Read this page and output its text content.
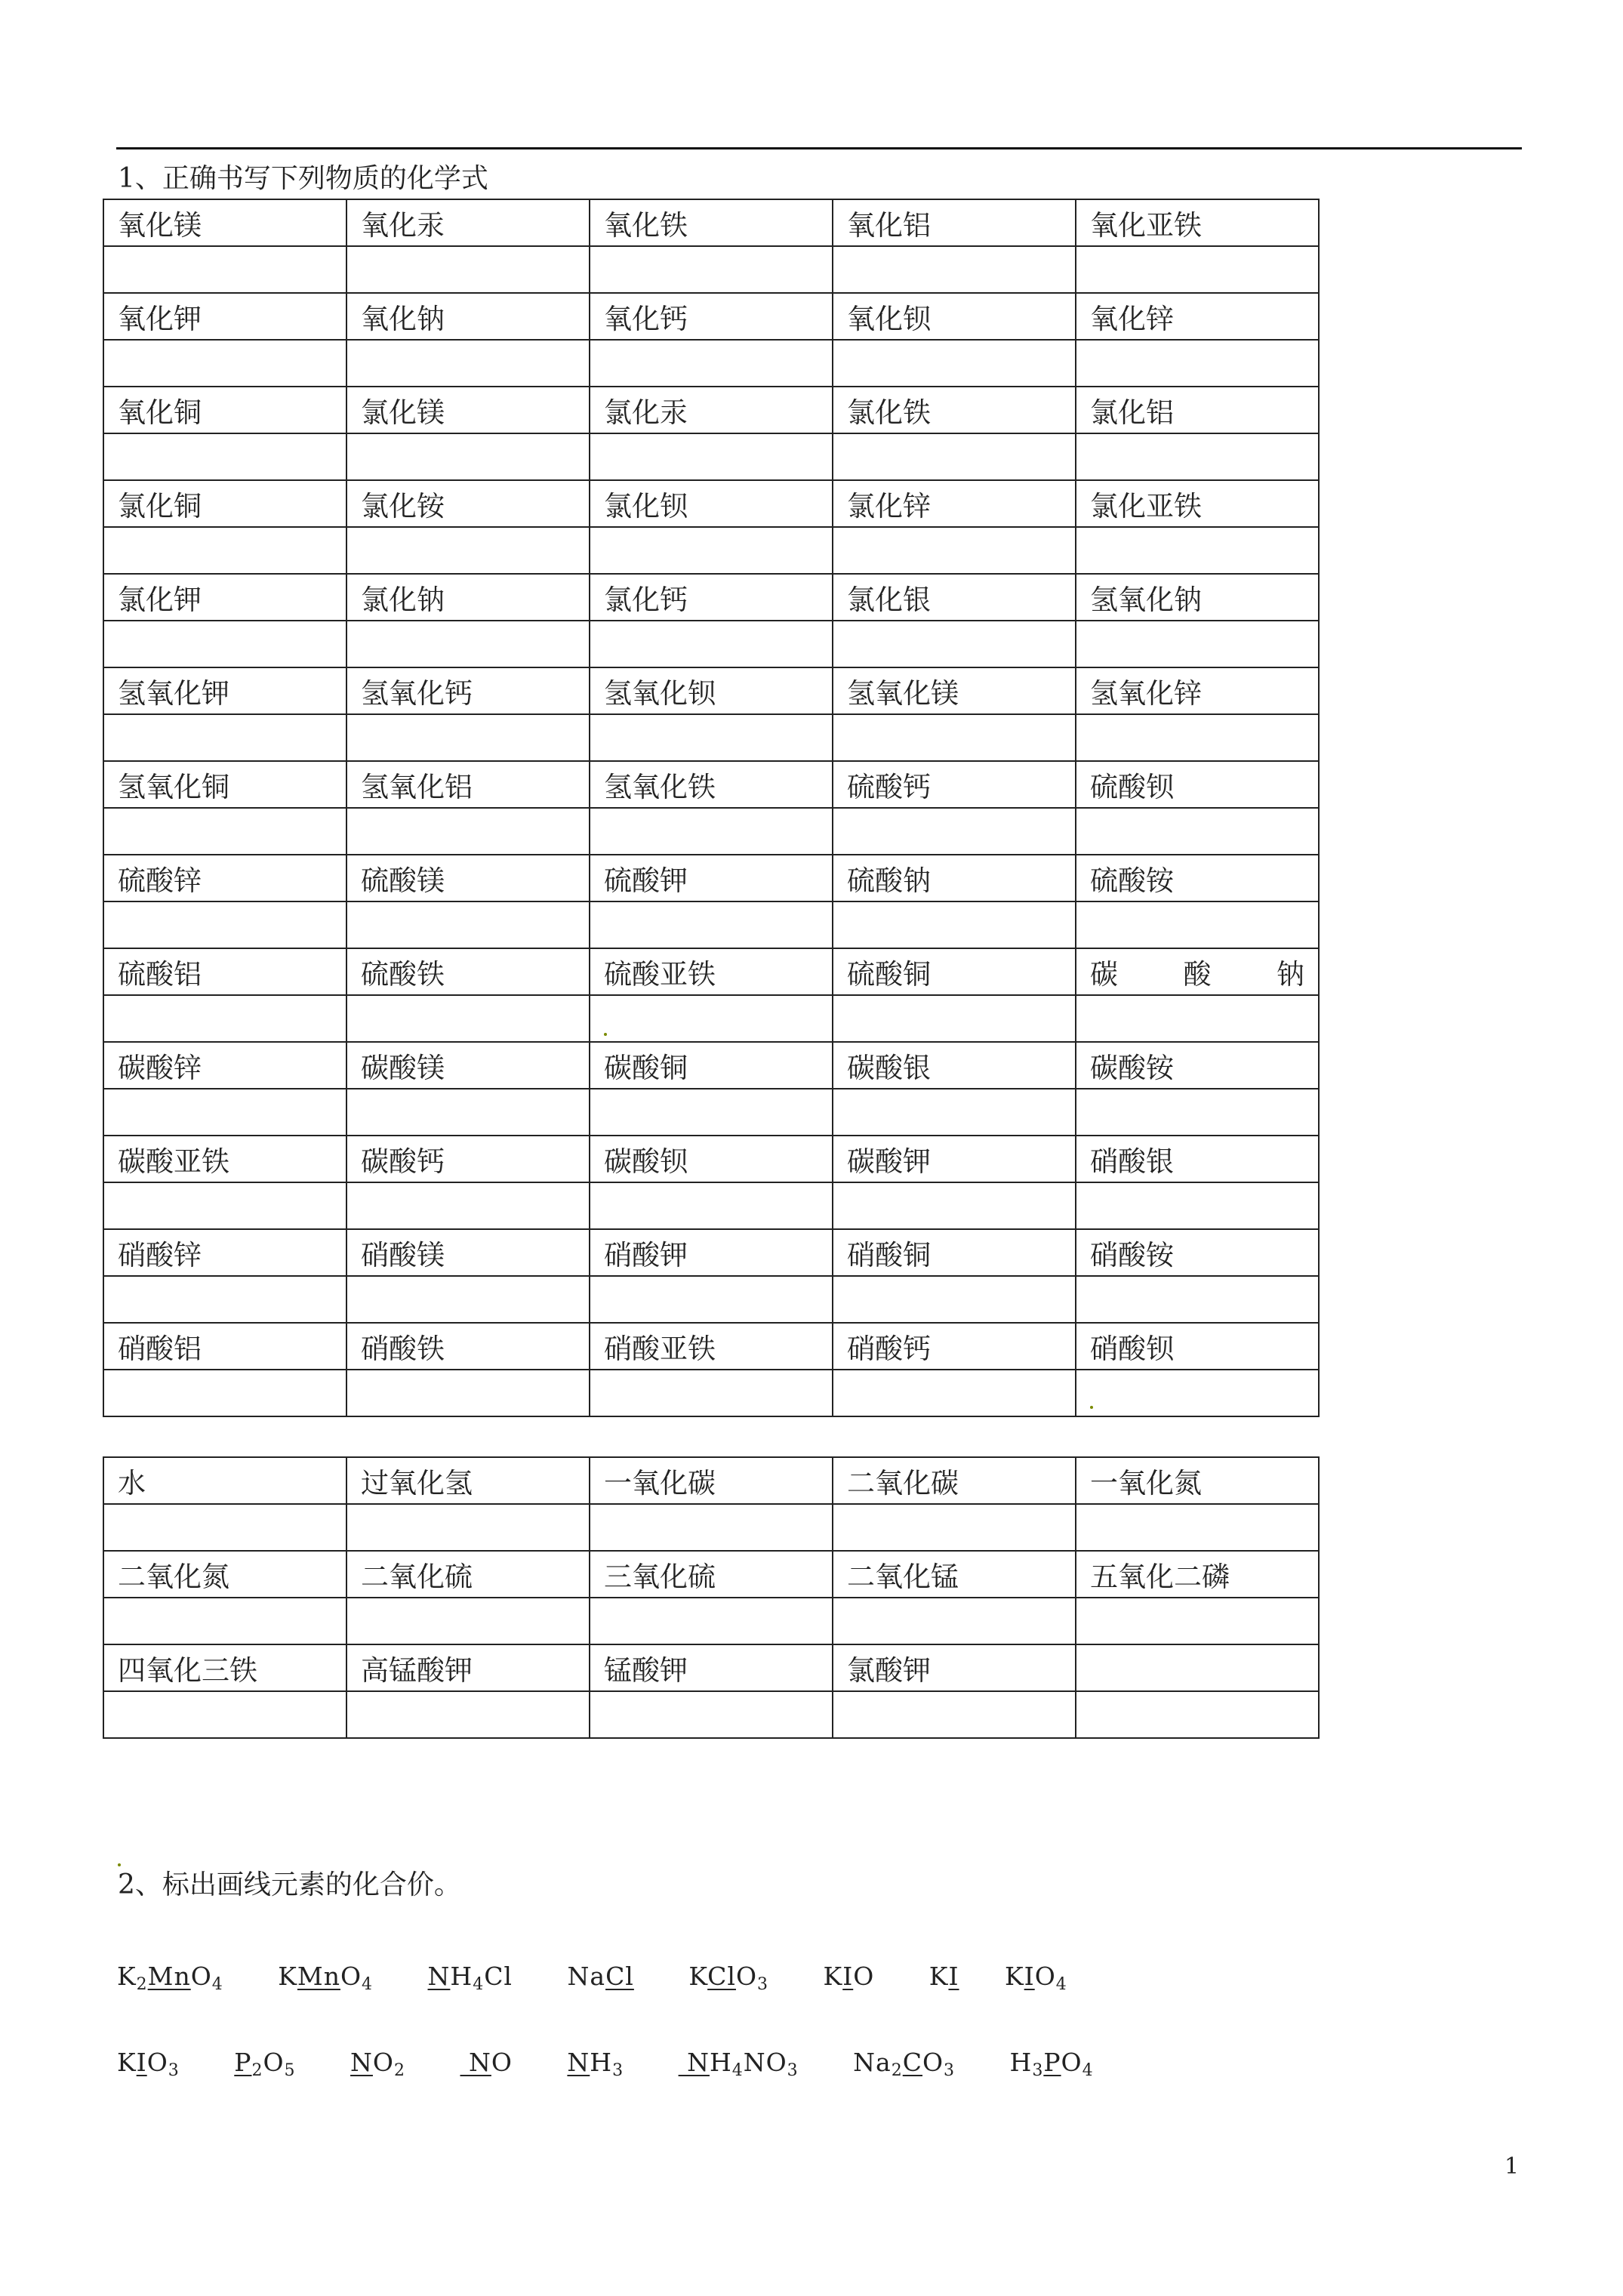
1、正确书写下列物质的化学式
氧化镁	氧化汞	氧化铁	氧化铝	氧化亚铁

氧化钾	氧化钠	氧化钙	氧化钡	氧化锌

氧化铜	氯化镁	氯化汞	氯化铁	氯化铝

氯化铜	氯化铵	氯化钡	氯化锌	氯化亚铁

氯化钾	氯化钠	氯化钙	氯化银	氢氧化钠

氢氧化钾	氢氧化钙	氢氧化钡	氢氧化镁	氢氧化锌

氢氧化铜	氢氧化铝	氢氧化铁	硫酸钙	硫酸钡

硫酸锌	硫酸镁	硫酸钾	硫酸钠	硫酸铵

硫酸铝	硫酸铁	硫酸亚铁	硫酸铜	碳 酸 钠

碳酸锌	碳酸镁	碳酸铜	碳酸银	碳酸铵

碳酸亚铁	碳酸钙	碳酸钡	碳酸钾	硝酸银

硝酸锌	硝酸镁	硝酸钾	硝酸铜	硝酸铵

硝酸铝	硝酸铁	硝酸亚铁	硝酸钙	硝酸钡

水	过氧化氢	一氧化碳	二氧化碳	一氧化氮

二氧化氮	二氧化硫	三氧化硫	二氧化锰	五氧化二磷

四氧化三铁	高锰酸钾	锰酸钾	氯酸钾	

2、标出画线元素的化合价。
$K_2MnO_4$ KMnO$_4$ $NH_4Cl$ NaCl KClO$_3$ KIO KI $KIO_4$
$KIO_3$ $P_2O_5$ $NO_2$  NO $NH_3$  $NH_4NO_3$ $Na_2CO_3$ $H_3PO_4$
1
